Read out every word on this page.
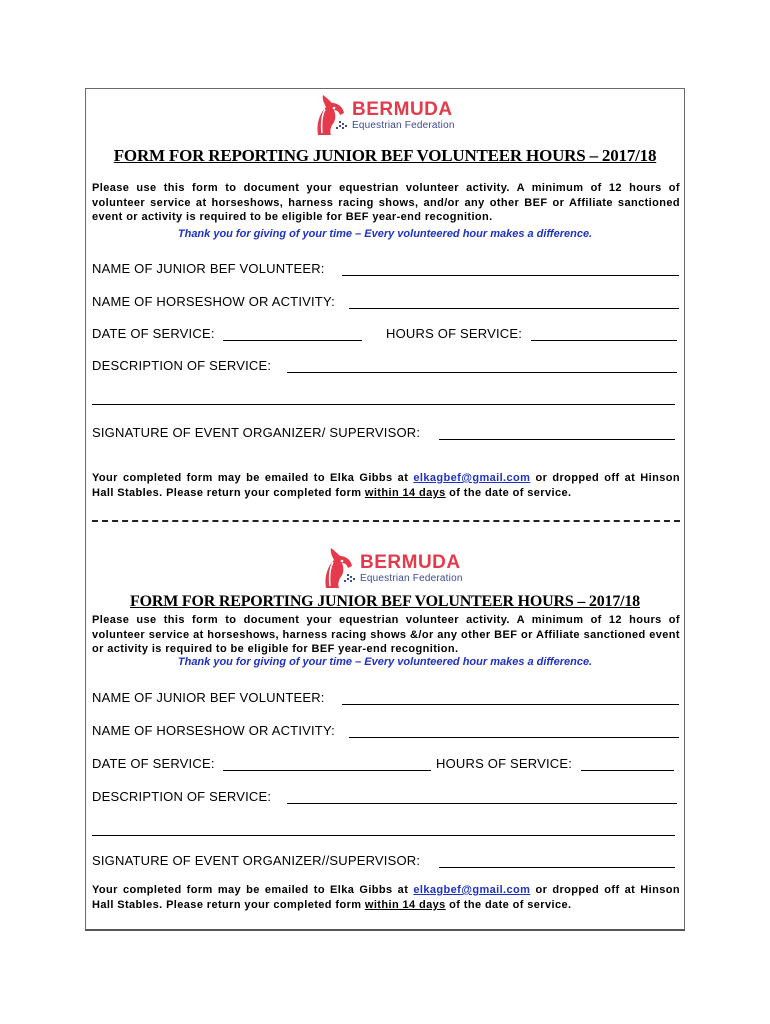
BERMUDA
Equestrian Federation
FORM FOR REPORTING JUNIOR BEF VOLUNTEER HOURS – 2017/18

Please use this form to document your equestrian volunteer activity. A minimum of 12 hours of volunteer service at horseshows, harness racing shows, and/or any other BEF or Affiliate sanctioned event or activity is required to be eligible for BEF year-end recognition.

Thank you for giving of your time – Every volunteered hour makes a difference.
NAME OF JUNIOR BEF VOLUNTEER:
NAME OF HORSESHOW OR ACTIVITY:
DATE OF SERVICE:	HOURS OF SERVICE:
DESCRIPTION OF SERVICE:
SIGNATURE OF EVENT ORGANIZER/ SUPERVISOR:

Your completed form may be emailed to Elka Gibbs at elkagbef@gmail.com or dropped off at Hinson Hall Stables. Please return your completed form within 14 days of the date of service.

BERMUDA
Equestrian Federation
FORM FOR REPORTING JUNIOR BEF VOLUNTEER HOURS – 2017/18

Please use this form to document your equestrian volunteer activity. A minimum of 12 hours of volunteer service at horseshows, harness racing shows &/or any other BEF or Affiliate sanctioned event or activity is required to be eligible for BEF year-end recognition.

Thank you for giving of your time – Every volunteered hour makes a difference.
NAME OF JUNIOR BEF VOLUNTEER:
NAME OF HORSESHOW OR ACTIVITY:
DATE OF SERVICE:	HOURS OF SERVICE:
DESCRIPTION OF SERVICE:
SIGNATURE OF EVENT ORGANIZER//SUPERVISOR:

Your completed form may be emailed to Elka Gibbs at elkagbef@gmail.com or dropped off at Hinson Hall Stables. Please return your completed form within 14 days of the date of service.
